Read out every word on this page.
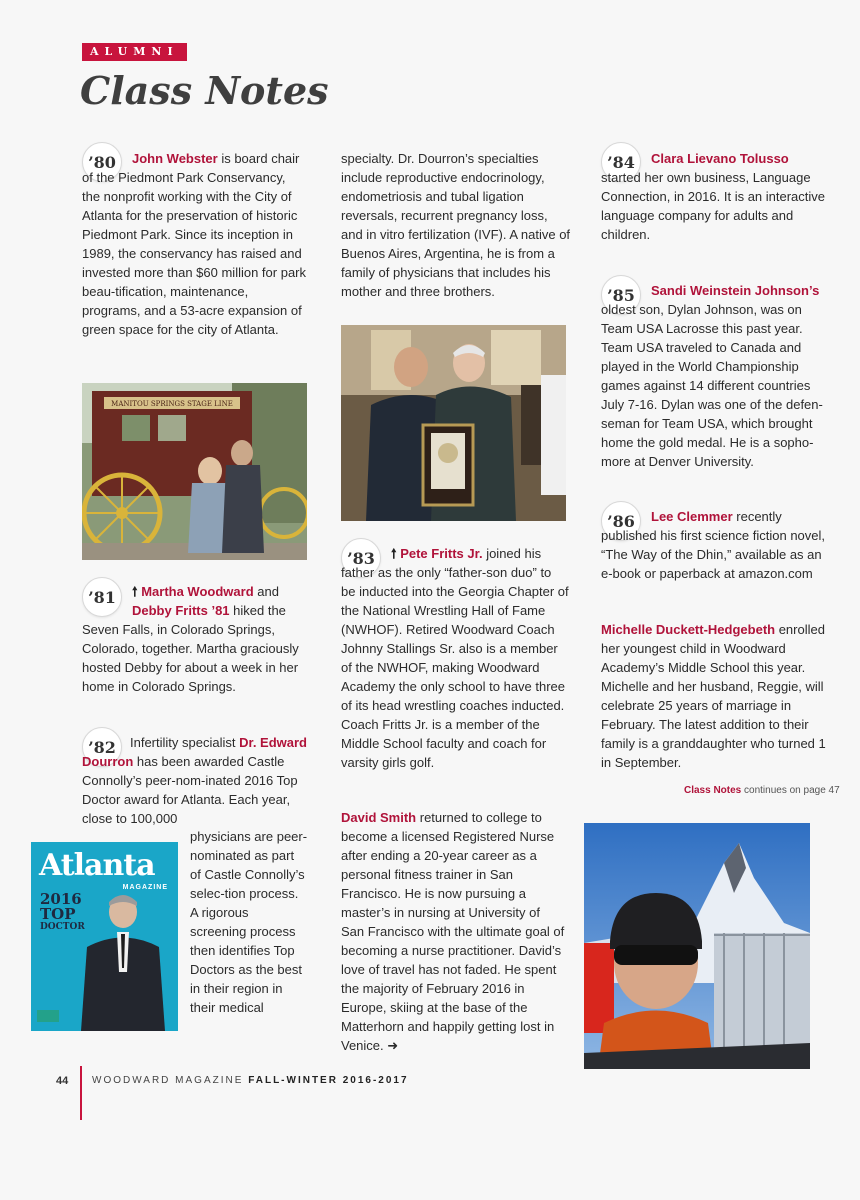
ALUMNI
Class Notes
’80	John Webster is board chair of the Piedmont Park Conservancy, the nonprofit working with the City of Atlanta for the preservation of historic Piedmont Park. Since its inception in 1989, the conservancy has raised and invested more than $60 million for park beau-tification, maintenance, programs, and a 53-acre expansion of green space for the city of Atlanta.
MANITOU SPRINGS STAGE LINE
’81	🠕 Martha Woodward and Debby Fritts ’81 hiked the Seven Falls, in Colorado Springs, Colorado, together. Martha graciously hosted Debby for about a week in her home in Colorado Springs.
’82	Infertility specialist Dr. Edward Dourron has been awarded Castle Connolly’s peer-nom-inated 2016 Top Doctor award for Atlanta. Each year, close to 100,000
physicians are peer-nominated as part of Castle Connolly’s selec-tion process. A rigorous screening process then identifies Top Doctors as the best in their region in their medical
Atlanta
MAGAZINE
2016
TOP
DOCTOR
specialty. Dr. Dourron’s specialties include reproductive endocrinology, endometriosis and tubal ligation reversals, recurrent pregnancy loss, and in vitro fertilization (IVF). A native of Buenos Aires, Argentina, he is from a family of physicians that includes his mother and three brothers.
’83	🠕 Pete Fritts Jr. joined his father as the only “father-son duo” to be inducted into the Georgia Chapter of the National Wrestling Hall of Fame (NWHOF). Retired Woodward Coach Johnny Stallings Sr. also is a member of the NWHOF, making Woodward Academy the only school to have three of its head wrestling coaches inducted. Coach Fritts Jr. is a member of the Middle School faculty and coach for varsity girls golf.
David Smith returned to college to become a licensed Registered Nurse after ending a 20-year career as a personal fitness trainer in San Francisco. He is now pursuing a master’s in nursing at University of San Francisco with the ultimate goal of becoming a nurse practitioner. David’s love of travel has not faded. He spent the majority of February 2016 in Europe, skiing at the base of the Matterhorn and happily getting lost in Venice. ➜
’84	Clara Lievano Tolusso started her own business, Language Connection, in 2016. It is an interactive language company for adults and children.
’85	Sandi Weinstein Johnson’s oldest son, Dylan Johnson, was on Team USA Lacrosse this past year. Team USA traveled to Canada and played in the World Championship games against 14 different countries July 7-16. Dylan was one of the defen-seman for Team USA, which brought home the gold medal. He is a sopho-more at Denver University.
’86	Lee Clemmer recently published his first science fiction novel, “The Way of the Dhin,” available as an e-book or paperback at amazon.com
Michelle Duckett-Hedgebeth enrolled her youngest child in Woodward Academy’s Middle School this year. Michelle and her husband, Reggie, will celebrate 25 years of marriage in February. The latest addition to their family is a granddaughter who turned 1 in September.
Class Notes continues on page 47
44 WOODWARD MAGAZINE FALL-WINTER 2016-2017
